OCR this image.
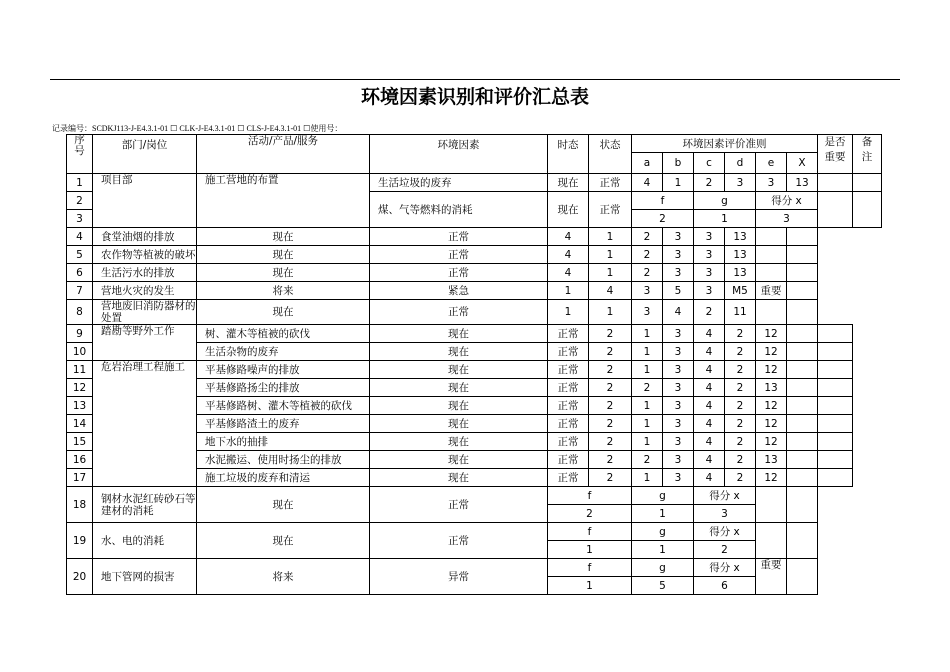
环境因素识别和评价汇总表
记录编号：SCDKJ113-J-E4.3.1-01 ☐ CLK-J-E4.3.1-01 ☐ CLS-J-E4.3.1-01 ☐使用号：
序号	部门/岗位	活动/产品/服务	环境因素	时态	状态	环境因素评价准则						是否重要	备注
						a	b	c	d	e	X		
1	项目部	施工营地的布置	生活垃圾的废弃	现在	正常	4	1	2	3	3	13		
2			煤、气等燃料的消耗	现在	正常	f		g		得分 x			
3						2		1		3			
4	食堂油烟的排放	现在	正常	4	1	2	3	3	13				
5	农作物等植被的破坏	现在	正常	4	1	2	3	3	13				
6	生活污水的排放	现在	正常	4	1	2	3	3	13				
7	营地火灾的发生	将来	紧急	1	4	3	5	3	M5	重要			
8	营地废旧消防器材的处置	现在	正常	1	1	3	4	2	11				
9	踏勘等野外工作	树、灌木等植被的砍伐	现在	正常	2	1	3	4	2	12			
10		生活杂物的废弃	现在	正常	2	1	3	4	2	12			
11	危岩治理工程施工	平基修路噪声的排放	现在	正常	2	1	3	4	2	12			
12		平基修路扬尘的排放	现在	正常	2	2	3	4	2	13			
13		平基修路树、灌木等植被的砍伐	现在	正常	2	1	3	4	2	12			
14		平基修路渣土的废弃	现在	正常	2	1	3	4	2	12			
15		地下水的抽排	现在	正常	2	1	3	4	2	12			
16		水泥搬运、使用时扬尘的排放	现在	正常	2	2	3	4	2	13			
17		施工垃圾的废弃和清运	现在	正常	2	1	3	4	2	12			
18	钢材水泥红砖砂石等建材的消耗	现在	正常	f		g		得分 x					
				2		1		3					
19	水、电的消耗	现在	正常	f		g		得分 x					
				1		1		2					
20	地下管网的损害	将来	异常	f		g		得分 x		重要			
				1		5		6					
